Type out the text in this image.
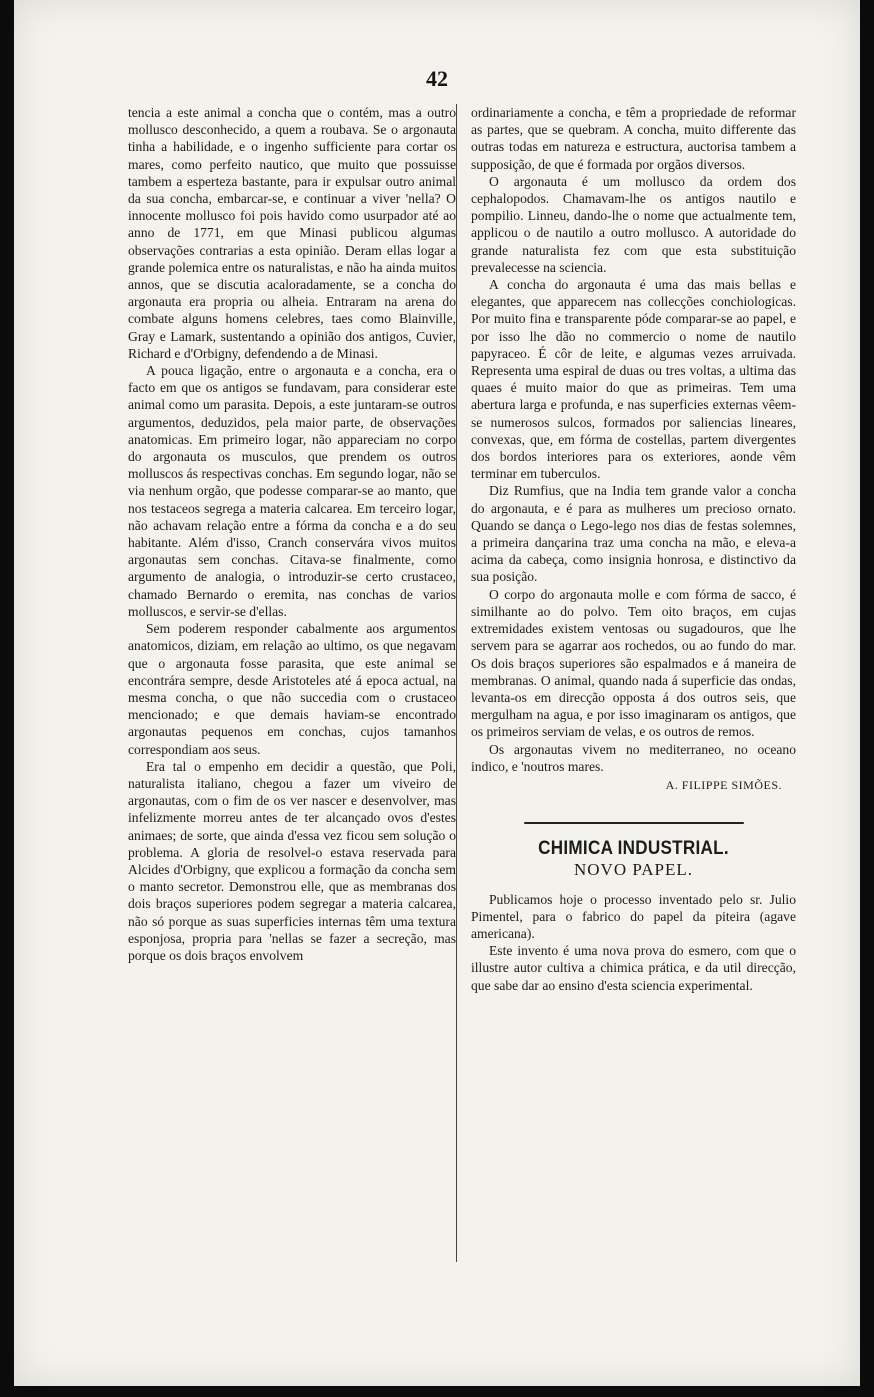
42

tencia a este animal a concha que o contém, mas a outro mollusco desconhecido, a quem a roubava. Se o argonauta tinha a habilidade, e o ingenho sufficiente para cortar os mares, como perfeito nautico, que muito que possuisse tambem a esperteza bastante, para ir expulsar outro animal da sua concha, embarcar-se, e continuar a viver 'nella? O innocente mollusco foi pois havido como usurpador até ao anno de 1771, em que Minasi publicou algumas observações contrarias a esta opinião. Deram ellas logar a grande polemica entre os naturalistas, e não ha ainda muitos annos, que se discutia acaloradamente, se a concha do argonauta era propria ou alheia. Entraram na arena do combate alguns homens celebres, taes como Blainville, Gray e Lamark, sustentando a opinião dos antigos, Cuvier, Richard e d'Orbigny, defendendo a de Minasi.

A pouca ligação, entre o argonauta e a concha, era o facto em que os antigos se fundavam, para considerar este animal como um parasita. Depois, a este juntaram-se outros argumentos, deduzidos, pela maior parte, de observações anatomicas. Em primeiro logar, não appareciam no corpo do argonauta os musculos, que prendem os outros molluscos ás respectivas conchas. Em segundo logar, não se via nenhum orgão, que podesse comparar-se ao manto, que nos testaceos segrega a materia calcarea. Em terceiro logar, não achavam relação entre a fórma da concha e a do seu habitante. Além d'isso, Cranch conservára vivos muitos argonautas sem conchas. Citava-se finalmente, como argumento de analogia, o introduzir-se certo crustaceo, chamado Bernardo o eremita, nas conchas de varios molluscos, e servir-se d'ellas.

Sem poderem responder cabalmente aos argumentos anatomicos, diziam, em relação ao ultimo, os que negavam que o argonauta fosse parasita, que este animal se encontrára sempre, desde Aristoteles até á epoca actual, na mesma concha, o que não succedia com o crustaceo mencionado; e que demais haviam-se encontrado argonautas pequenos em conchas, cujos tamanhos correspondiam aos seus.

Era tal o empenho em decidir a questão, que Poli, naturalista italiano, chegou a fazer um viveiro de argonautas, com o fim de os ver nascer e desenvolver, mas infelizmente morreu antes de ter alcançado ovos d'estes animaes; de sorte, que ainda d'essa vez ficou sem solução o problema. A gloria de resolvel-o estava reservada para Alcides d'Orbigny, que explicou a formação da concha sem o manto secretor. Demonstrou elle, que as membranas dos dois braços superiores podem segregar a materia calcarea, não só porque as suas superficies internas têm uma textura esponjosa, propria para 'nellas se fazer a secreção, mas porque os dois braços envolvem

ordinariamente a concha, e têm a propriedade de reformar as partes, que se quebram. A concha, muito differente das outras todas em natureza e estructura, auctorisa tambem a supposição, de que é formada por orgãos diversos.

O argonauta é um mollusco da ordem dos cephalopodos. Chamavam-lhe os antigos nautilo e pompilio. Linneu, dando-lhe o nome que actualmente tem, applicou o de nautilo a outro mollusco. A autoridade do grande naturalista fez com que esta substituição prevalecesse na sciencia.

A concha do argonauta é uma das mais bellas e elegantes, que apparecem nas collecções conchiologicas. Por muito fina e transparente póde comparar-se ao papel, e por isso lhe dão no commercio o nome de nautilo papyraceo. É côr de leite, e algumas vezes arruivada. Representa uma espiral de duas ou tres voltas, a ultima das quaes é muito maior do que as primeiras. Tem uma abertura larga e profunda, e nas superficies externas vêem-se numerosos sulcos, formados por saliencias lineares, convexas, que, em fórma de costellas, partem divergentes dos bordos interiores para os exteriores, aonde vêm terminar em tuberculos.

Diz Rumfius, que na India tem grande valor a concha do argonauta, e é para as mulheres um precioso ornato. Quando se dança o Lego-lego nos dias de festas solemnes, a primeira dançarina traz uma concha na mão, e eleva-a acima da cabeça, como insignia honrosa, e distinctivo da sua posição.

O corpo do argonauta molle e com fórma de sacco, é similhante ao do polvo. Tem oito braços, em cujas extremidades existem ventosas ou sugadouros, que lhe servem para se agarrar aos rochedos, ou ao fundo do mar. Os dois braços superiores são espalmados e á maneira de membranas. O animal, quando nada á superficie das ondas, levanta-os em direcção opposta á dos outros seis, que mergulham na agua, e por isso imaginaram os antigos, que os primeiros serviam de velas, e os outros de remos.

Os argonautas vivem no mediterraneo, no oceano indico, e 'noutros mares.

A. FILIPPE SIMÕES.
CHIMICA INDUSTRIAL.
NOVO PAPEL.

Publicamos hoje o processo inventado pelo sr. Julio Pimentel, para o fabrico do papel da piteira (agave americana).

Este invento é uma nova prova do esmero, com que o illustre autor cultiva a chimica prática, e da util direcção, que sabe dar ao ensino d'esta sciencia experimental.
